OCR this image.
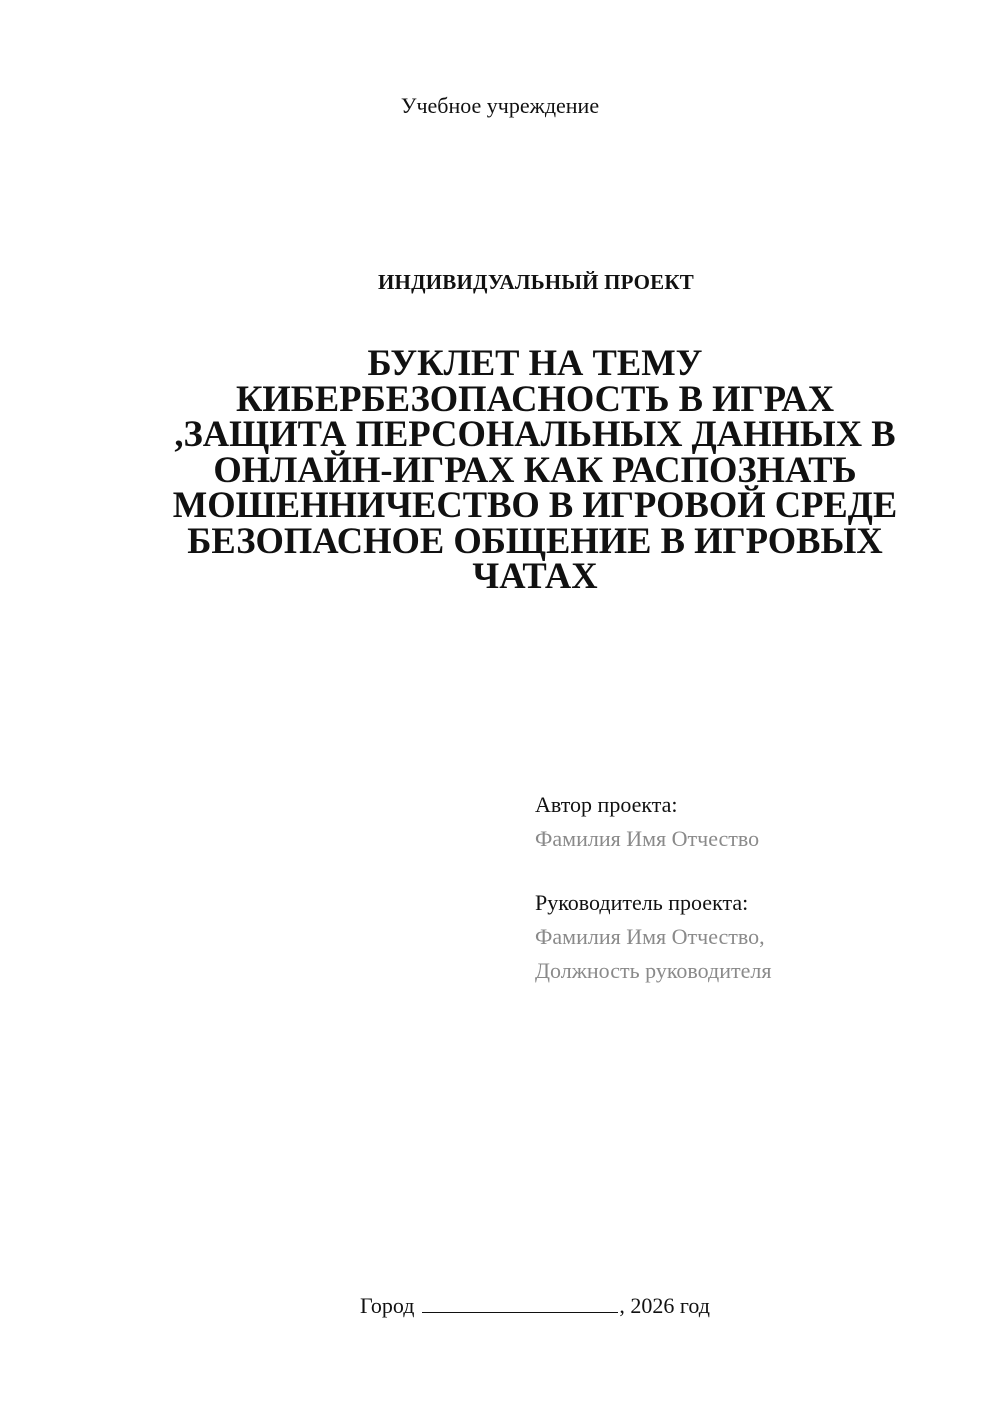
Учебное учреждение
ИНДИВИДУАЛЬНЫЙ ПРОЕКТ
БУКЛЕТ НА ТЕМУ
КИБЕРБЕЗОПАСНОСТЬ В ИГРАХ
,ЗАЩИТА ПЕРСОНАЛЬНЫХ ДАННЫХ В
ОНЛАЙН-ИГРАХ КАК РАСПОЗНАТЬ
МОШЕННИЧЕСТВО В ИГРОВОЙ СРЕДЕ
БЕЗОПАСНОЕ ОБЩЕНИЕ В ИГРОВЫХ
ЧАТАХ
Автор проекта:
Фамилия Имя Отчество
Руководитель проекта:
Фамилия Имя Отчество,
Должность руководителя
Город	, 2026 год
